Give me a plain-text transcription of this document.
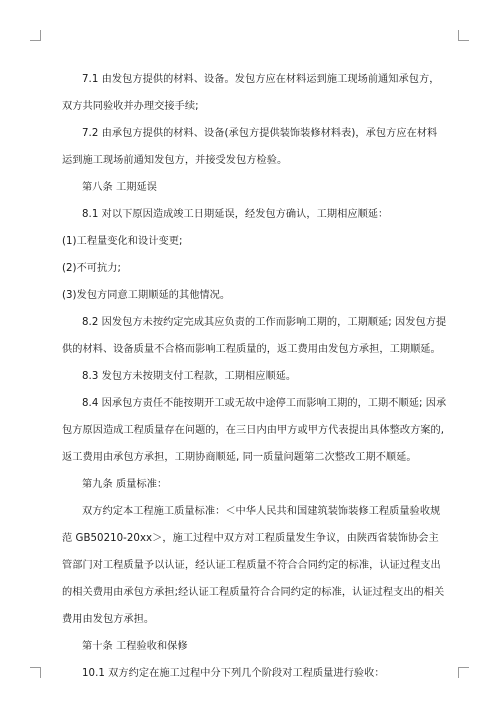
7.1 由发包方提供的材料、设备。发包方应在材料运到施工现场前通知承包方，

双方共同验收并办理交接手续;

7.2 由承包方提供的材料、设备(承包方提供装饰装修材料表)，承包方应在材料

运到施工现场前通知发包方，并接受发包方检验。

第八条 工期延误

8.1 对以下原因造成竣工日期延误，经发包方确认，工期相应顺延：

(1)工程量变化和设计变更;

(2)不可抗力;

(3)发包方同意工期顺延的其他情况。

8.2 因发包方未按约定完成其应负责的工作而影响工期的，工期顺延; 因发包方提

供的材料、设备质量不合格而影响工程质量的，返工费用由发包方承担，工期顺延。

8.3 发包方未按期支付工程款，工期相应顺延。

8.4 因承包方责任不能按期开工或无故中途停工而影响工期的，工期不顺延; 因承

包方原因造成工程质量存在问题的，在三日内由甲方或甲方代表提出具体整改方案的,

返工费用由承包方承担，工期协商顺延, 同一质量问题第二次整改工期不顺延。

第九条 质量标准：

双方约定本工程施工质量标准：＜中华人民共和国建筑装饰装修工程质量验收规

范 GB50210-20xx＞，施工过程中双方对工程质量发生争议，由陕西省装饰协会主

管部门对工程质量予以认证，经认证工程质量不符合合同约定的标准，认证过程支出

的相关费用由承包方承担;经认证工程质量符合合同约定的标准，认证过程支出的相关

费用由发包方承担。

第十条 工程验收和保修

10.1 双方约定在施工过程中分下列几个阶段对工程质量进行验收：
